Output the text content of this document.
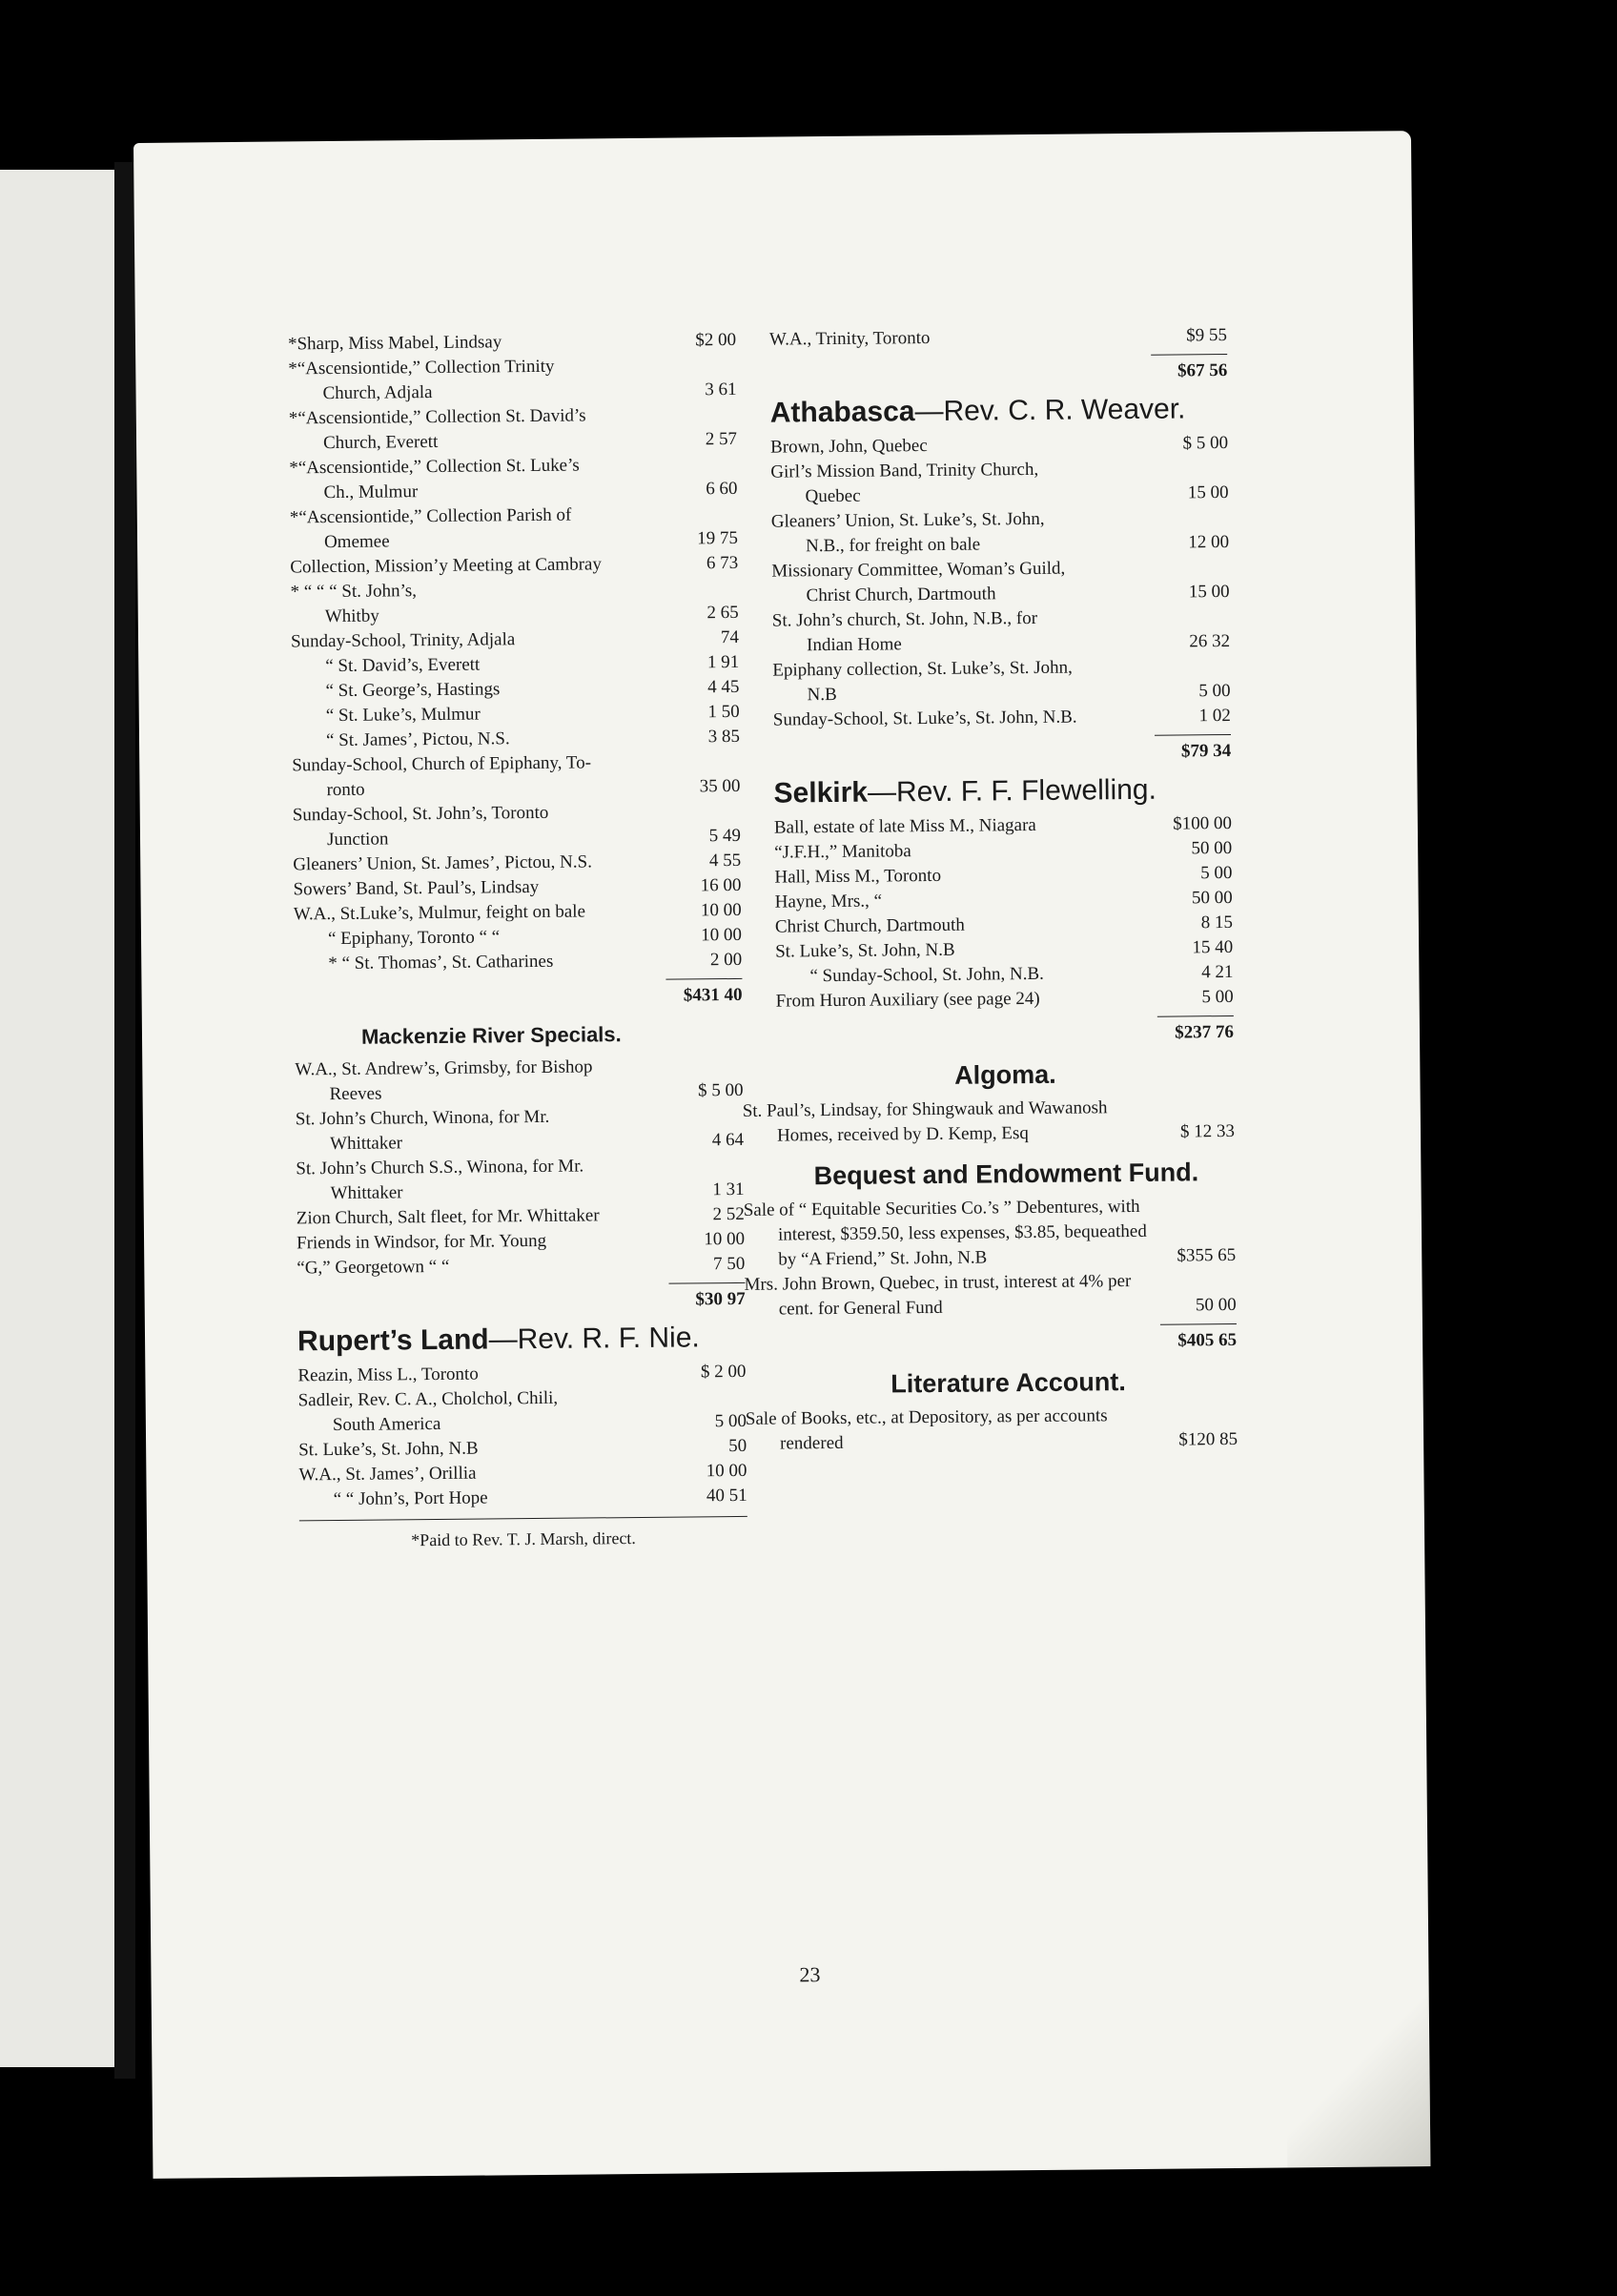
*Sharp, Miss Mabel, Lindsay	$2 00
*“Ascensiontide,” Collection Trinity
Church, Adjala	3 61
*“Ascensiontide,” Collection St. David’s
Church, Everett	2 57
*“Ascensiontide,” Collection St. Luke’s
Ch., Mulmur	6 60
*“Ascensiontide,” Collection Parish of
Omemee	19 75
Collection, Mission’y Meeting at Cambray	6 73
* “ “ “ St. John’s,
Whitby	2 65
Sunday-School, Trinity, Adjala	74
“ St. David’s, Everett	1 91
“ St. George’s, Hastings	4 45
“ St. Luke’s, Mulmur	1 50
“ St. James’, Pictou, N.S.	3 85
Sunday-School, Church of Epiphany, To-
ronto	35 00
Sunday-School, St. John’s, Toronto
Junction	5 49
Gleaners’ Union, St. James’, Pictou, N.S.	4 55
Sowers’ Band, St. Paul’s, Lindsay	16 00
W.A., St.Luke’s, Mulmur, feight on bale	10 00
“ Epiphany, Toronto “ “	10 00
* “ St. Thomas’, St. Catharines	2 00
$431 40
Mackenzie River Specials.
W.A., St. Andrew’s, Grimsby, for Bishop
Reeves	$ 5 00
St. John’s Church, Winona, for Mr.
Whittaker	4 64
St. John’s Church S.S., Winona, for Mr.
Whittaker	1 31
Zion Church, Salt fleet, for Mr. Whittaker	2 52
Friends in Windsor, for Mr. Young	10 00
“G,” Georgetown “ “	7 50
$30 97
Rupert’s Land—Rev. R. F. Nie.
Reazin, Miss L., Toronto	$ 2 00
Sadleir, Rev. C. A., Cholchol, Chili,
South America	5 00
St. Luke’s, St. John, N.B	50
W.A., St. James’, Orillia	10 00
“ “ John’s, Port Hope	40 51
*Paid to Rev. T. J. Marsh, direct.
W.A., Trinity, Toronto	$9 55
$67 56
Athabasca—Rev. C. R. Weaver.
Brown, John, Quebec	$ 5 00
Girl’s Mission Band, Trinity Church,
Quebec	15 00
Gleaners’ Union, St. Luke’s, St. John,
N.B., for freight on bale	12 00
Missionary Committee, Woman’s Guild,
Christ Church, Dartmouth	15 00
St. John’s church, St. John, N.B., for
Indian Home	26 32
Epiphany collection, St. Luke’s, St. John,
N.B	5 00
Sunday-School, St. Luke’s, St. John, N.B.	1 02
$79 34
Selkirk—Rev. F. F. Flewelling.
Ball, estate of late Miss M., Niagara	$100 00
“J.F.H.,” Manitoba	50 00
Hall, Miss M., Toronto	5 00
Hayne, Mrs., “	50 00
Christ Church, Dartmouth	8 15
St. Luke’s, St. John, N.B	15 40
“ Sunday-School, St. John, N.B.	4 21
From Huron Auxiliary (see page 24)	5 00
$237 76
Algoma.
St. Paul’s, Lindsay, for Shingwauk and Wawanosh Homes, received by D. Kemp, Esq	$ 12 33
Bequest and Endowment Fund.
Sale of “ Equitable Securities Co.’s ” Debentures, with interest, $359.50, less expenses, $3.85, bequeathed by “A Friend,” St. John, N.B	$355 65
Mrs. John Brown, Quebec, in trust, interest at 4% per cent. for General Fund	50 00
$405 65
Literature Account.
Sale of Books, etc., at Depository, as per accounts rendered	$120 85
23
